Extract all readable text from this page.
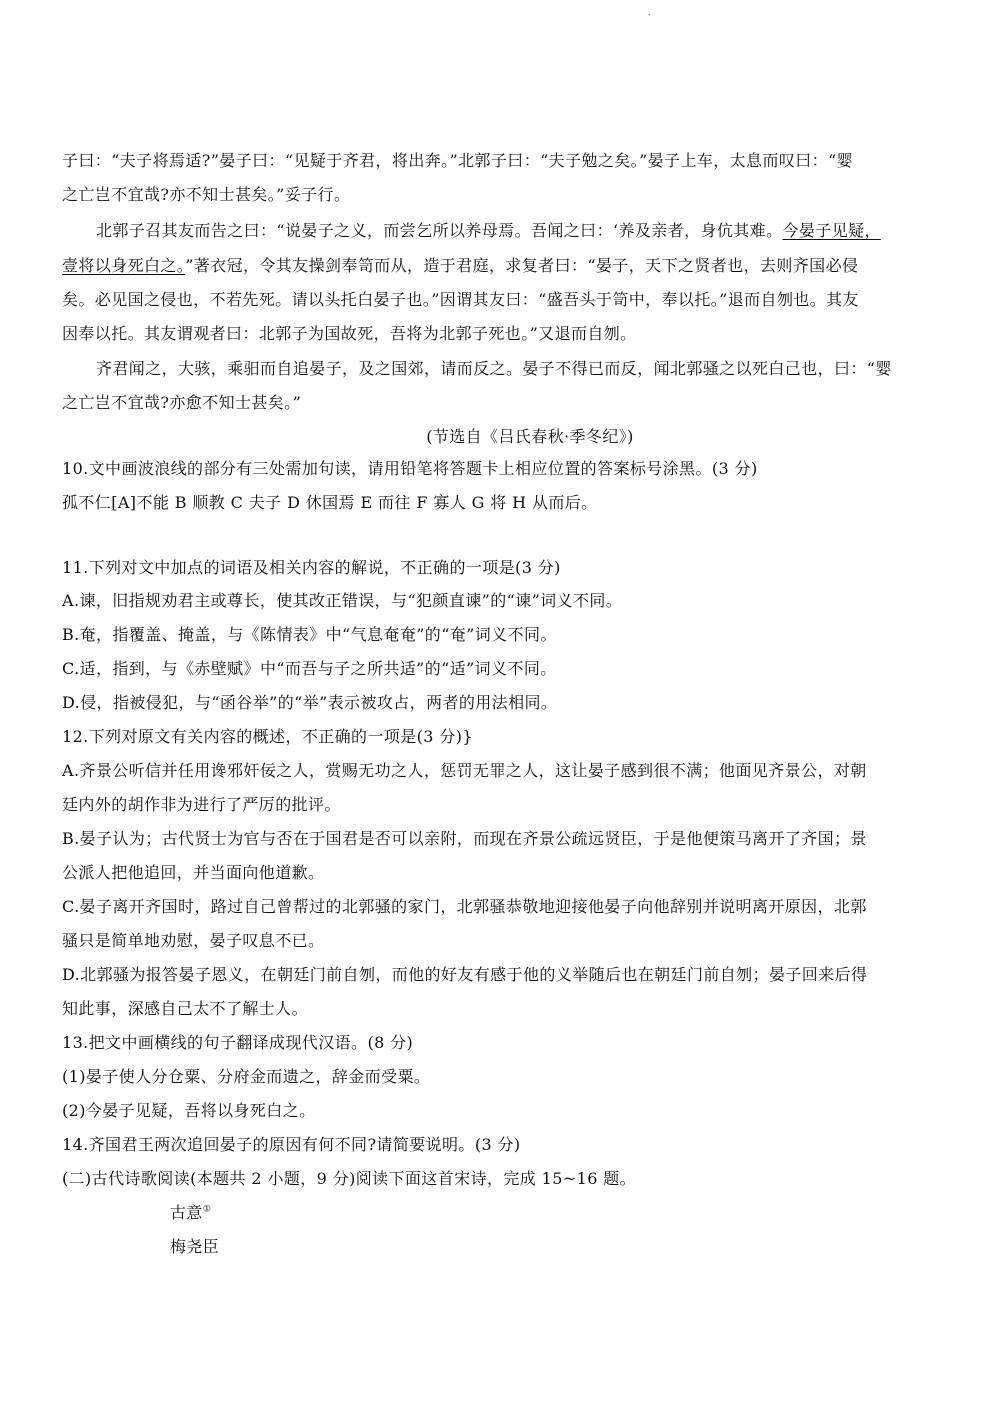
.
子曰：“夫子将焉适?”晏子曰：“见疑于齐君，将出奔。”北郭子曰：“夫子勉之矣。”晏子上车，太息而叹曰：“婴
之亡岂不宜哉?亦不知士甚矣。”妥子行。
北郭子召其友而告之曰：“说晏子之义，而尝乞所以养母焉。吾闻之曰：‘养及亲者，身伉其难。今晏子见疑，
壹将以身死白之。”著衣冠，令其友操剑奉笥而从，造于君庭，求复者曰：“晏子，天下之贤者也，去则齐国必侵
矣。必见国之侵也，不若先死。请以头托白晏子也。”因谓其友曰：“盛吾头于笥中，奉以托。”退而自刎也。其友
因奉以托。其友谓观者曰：北郭子为国故死，吾将为北郭子死也。”又退而自刎。
齐君闻之，大骇，乘驲而自追晏子，及之国郊，请而反之。晏子不得已而反，闻北郭骚之以死白己也，曰：“婴
之亡岂不宜哉?亦愈不知士甚矣。”
(节选自《吕氏春秋·季冬纪》)
10.文中画波浪线的部分有三处需加句读，请用铅笔将答题卡上相应位置的答案标号涂黑。(3 分)
孤不仁[A]不能 B 顺教 C 夫子 D 休国焉 E 而往 F 寡人 G 将 H 从而后。
11.下列对文中加点的词语及相关内容的解说，不正确的一项是(3 分)
A.谏，旧指规劝君主或尊长，使其改正错误，与“犯颜直谏”的“谏”词义不同。
B.奄，指覆盖、掩盖，与《陈情表》中“气息奄奄”的“奄”词义不同。
C.适，指到，与《赤壁赋》中“而吾与子之所共适”的“适”词义不同。
D.侵，指被侵犯，与“函谷举”的“举”表示被攻占，两者的用法相同。
12.下列对原文有关内容的概述，不正确的一项是(3 分)}
A.齐景公听信并任用谗邪奸佞之人，赏赐无功之人，惩罚无罪之人，这让晏子感到很不满；他面见齐景公，对朝
廷内外的胡作非为进行了严厉的批评。
B.晏子认为；古代贤士为官与否在于国君是否可以亲附，而现在齐景公疏远贤臣，于是他便策马离开了齐国；景
公派人把他追回，并当面向他道歉。
C.晏子离开齐国时，路过自己曾帮过的北郭骚的家门，北郭骚恭敬地迎接他晏子向他辞别并说明离开原因，北郭
骚只是简单地劝慰，晏子叹息不已。
D.北郭骚为报答晏子恩义，在朝廷门前自刎，而他的好友有感于他的义举随后也在朝廷门前自刎；晏子回来后得
知此事，深感自己太不了解士人。
13.把文中画横线的句子翻译成现代汉语。(8 分)
(1)晏子使人分仓粟、分府金而遗之，辞金而受粟。
(2)今晏子见疑，吾将以身死白之。
14.齐国君王两次追回晏子的原因有何不同?请简要说明。(3 分)
(二)古代诗歌阅读(本题共 2 小题，9 分)阅读下面这首宋诗，完成 15~16 题。
古意①
梅尧臣
